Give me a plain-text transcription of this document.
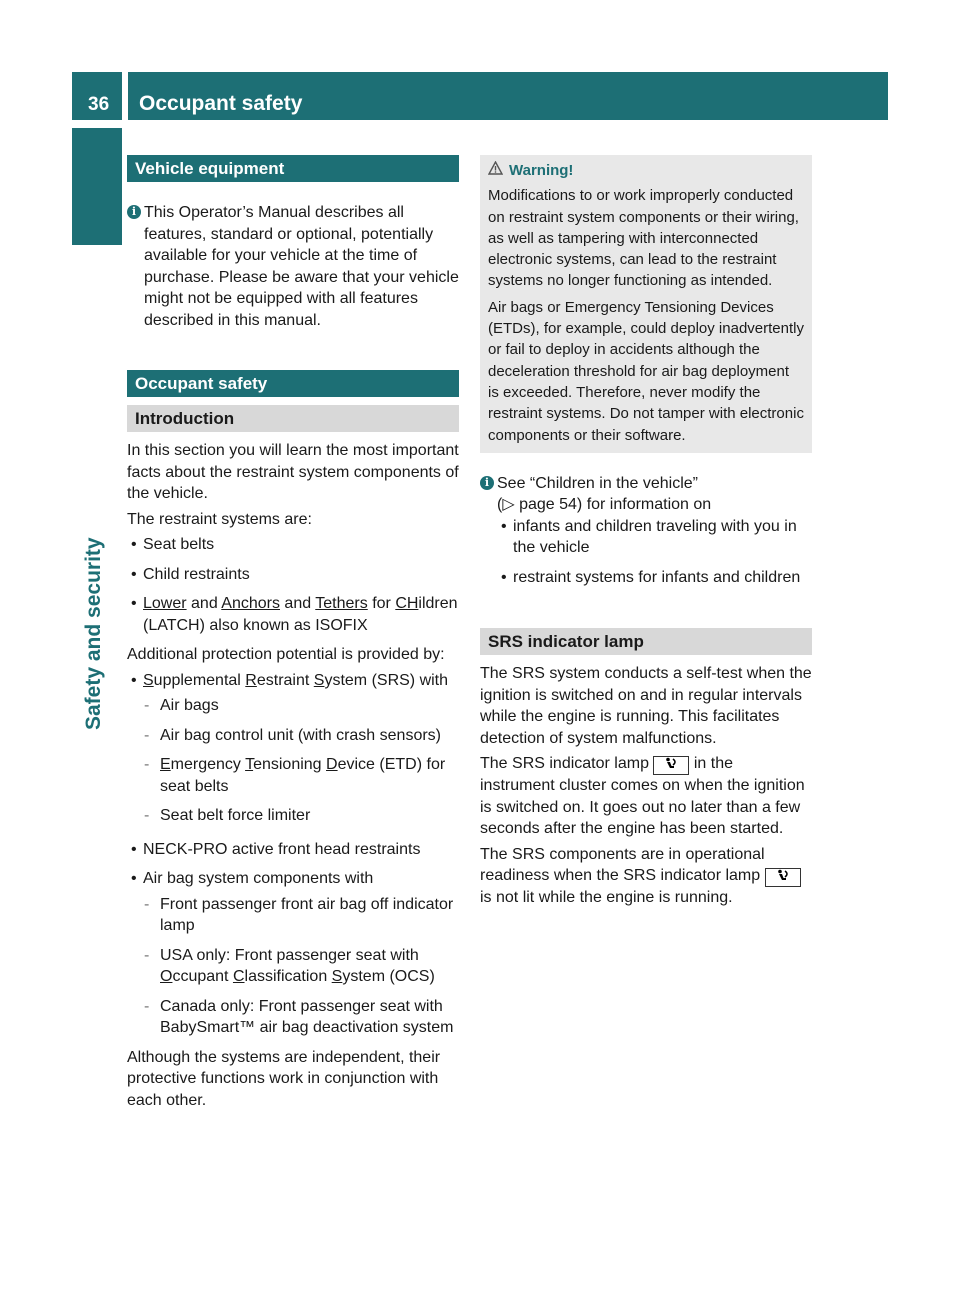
36 Occupant safety
Safety and security
Vehicle equipment
i This Operator’s Manual describes all features, standard or optional, potentially available for your vehicle at the time of purchase. Please be aware that your vehicle might not be equipped with all features described in this manual.
Occupant safety
Introduction

In this section you will learn the most important facts about the restraint system components of the vehicle.

The restraint systems are:

• Seat belts
• Child restraints
• Lower and Anchors and Tethers for CHildren
(LATCH) also known as ISOFIX

Additional protection potential is provided by:

• Supplemental Restraint System (SRS) with
- Air bags
- Air bag control unit (with crash sensors)
- Emergency Tensioning Device (ETD) for seat belts
- Seat belt force limiter
• NECK-PRO active front head restraints
• Air bag system components with
- Front passenger front air bag off indicator lamp
- USA only: Front passenger seat with
Occupant Classification System (OCS)
- Canada only: Front passenger seat with BabySmart™ air bag deactivation system

Although the systems are independent, their protective functions work in conjunction with each other.

Warning!

Modifications to or work improperly conducted on restraint system components or their wiring, as well as tampering with interconnected electronic systems, can lead to the restraint systems no longer functioning as intended.

Air bags or Emergency Tensioning Devices (ETDs), for example, could deploy inadvertently or fail to deploy in accidents although the deceleration threshold for air bag deployment is exceeded. Therefore, never modify the restraint systems. Do not tamper with electronic components or their software.

i See “Children in the vehicle”
(▷ page 54) for information on
• infants and children traveling with you in the vehicle
• restraint systems for infants and children
SRS indicator lamp

The SRS system conducts a self-test when the ignition is switched on and in regular intervals while the engine is running. This facilitates detection of system malfunctions.

The SRS indicator lamp  in the instrument cluster comes on when the ignition is switched on. It goes out no later than a few seconds after the engine has been started.

The SRS components are in operational readiness when the SRS indicator lamp  is not lit while the engine is running.
